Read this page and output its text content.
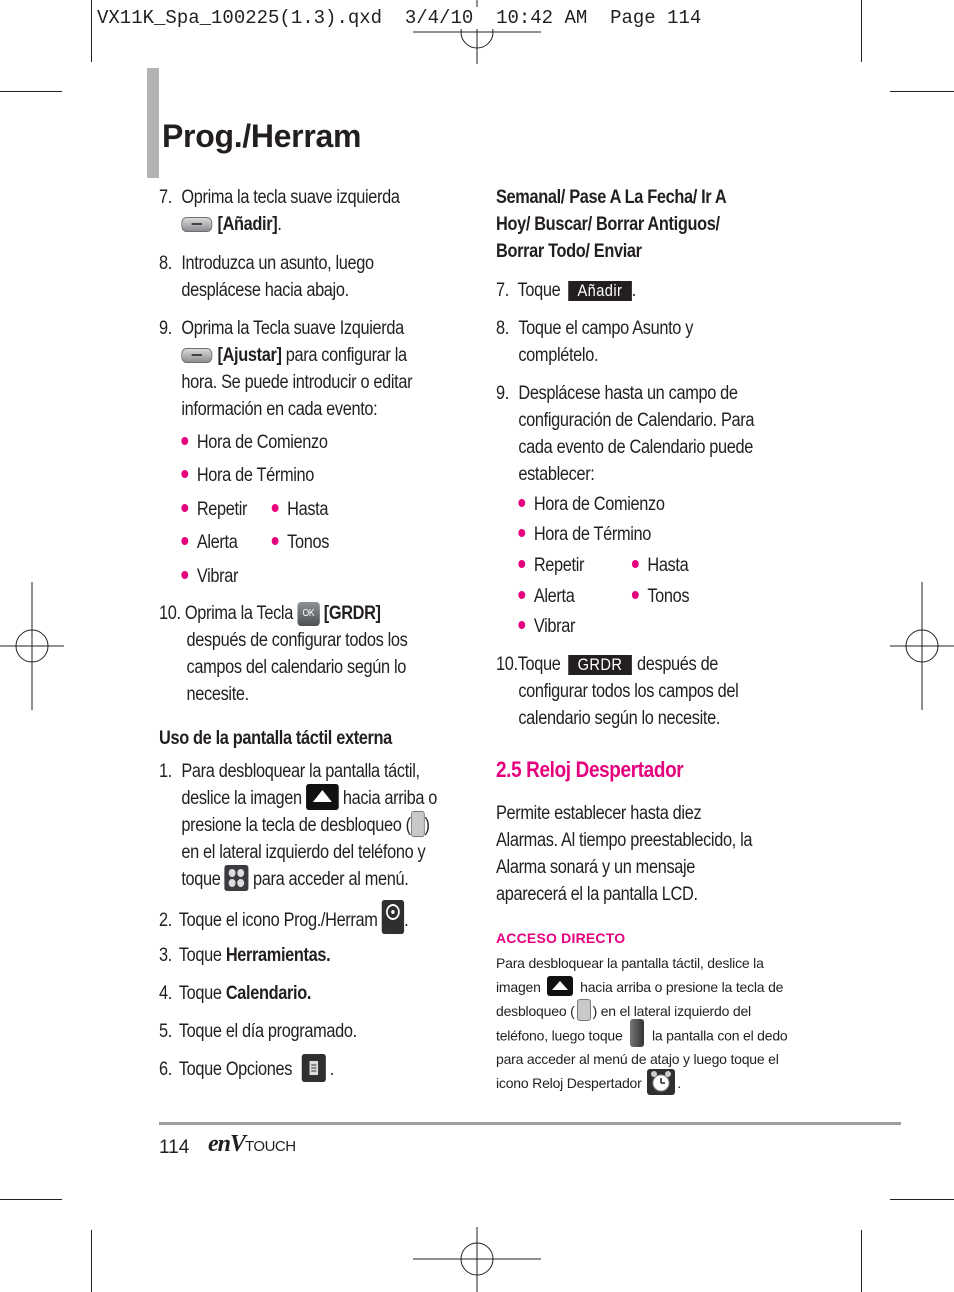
VX11K_Spa_100225(1.3).qxd  3/4/10  10:42 AM  Page 114
Prog./Herram
7. Oprima la tecla suave izquierda
[Añadir].
8. Introduzca un asunto, luego
desplácese hacia abajo.
9. Oprima la Tecla suave Izquierda
[Ajustar] para configurar la
hora. Se puede introducir o editar
información en cada evento:
Hora de Comienzo
Hora de Término
Repetir	Hasta
Alerta	Tonos
Vibrar
10. Oprima la Tecla OK [GRDR]
después de configurar todos los
campos del calendario según lo
necesite.
Uso de la pantalla táctil externa
1. Para desbloquear la pantalla táctil,
deslice la imagen hacia arriba o
presione la tecla de desbloqueo ( )
en el lateral izquierdo del teléfono y
toque para acceder al menú.
2. Toque el icono Prog./Herram .
3. Toque Herramientas.
4. Toque Calendario.
5. Toque el día programado.
6. Toque Opciones .
Semanal/ Pase A La Fecha/ Ir A
Hoy/ Buscar/ Borrar Antiguos/
Borrar Todo/ Enviar
7. Toque Añadir .
8. Toque el campo Asunto y
complételo.
9. Desplácese hasta un campo de
configuración de Calendario. Para
cada evento de Calendario puede
establecer:
Hora de Comienzo
Hora de Término
Repetir	Hasta
Alerta	Tonos
Vibrar
10.Toque GRDR después de
configurar todos los campos del
calendario según lo necesite.
2.5 Reloj Despertador
Permite establecer hasta diez
Alarmas. Al tiempo preestablecido, la
Alarma sonará y un mensaje
aparecerá el la pantalla LCD.
ACCESO DIRECTO
Para desbloquear la pantalla táctil, deslice la
imagen	hacia arriba o presione la tecla de
desbloqueo ( ) en el lateral izquierdo del
teléfono, luego toque la pantalla con el dedo
para acceder al menú de atajo y luego toque el
icono Reloj Despertador	.
114 enVTOUCH
